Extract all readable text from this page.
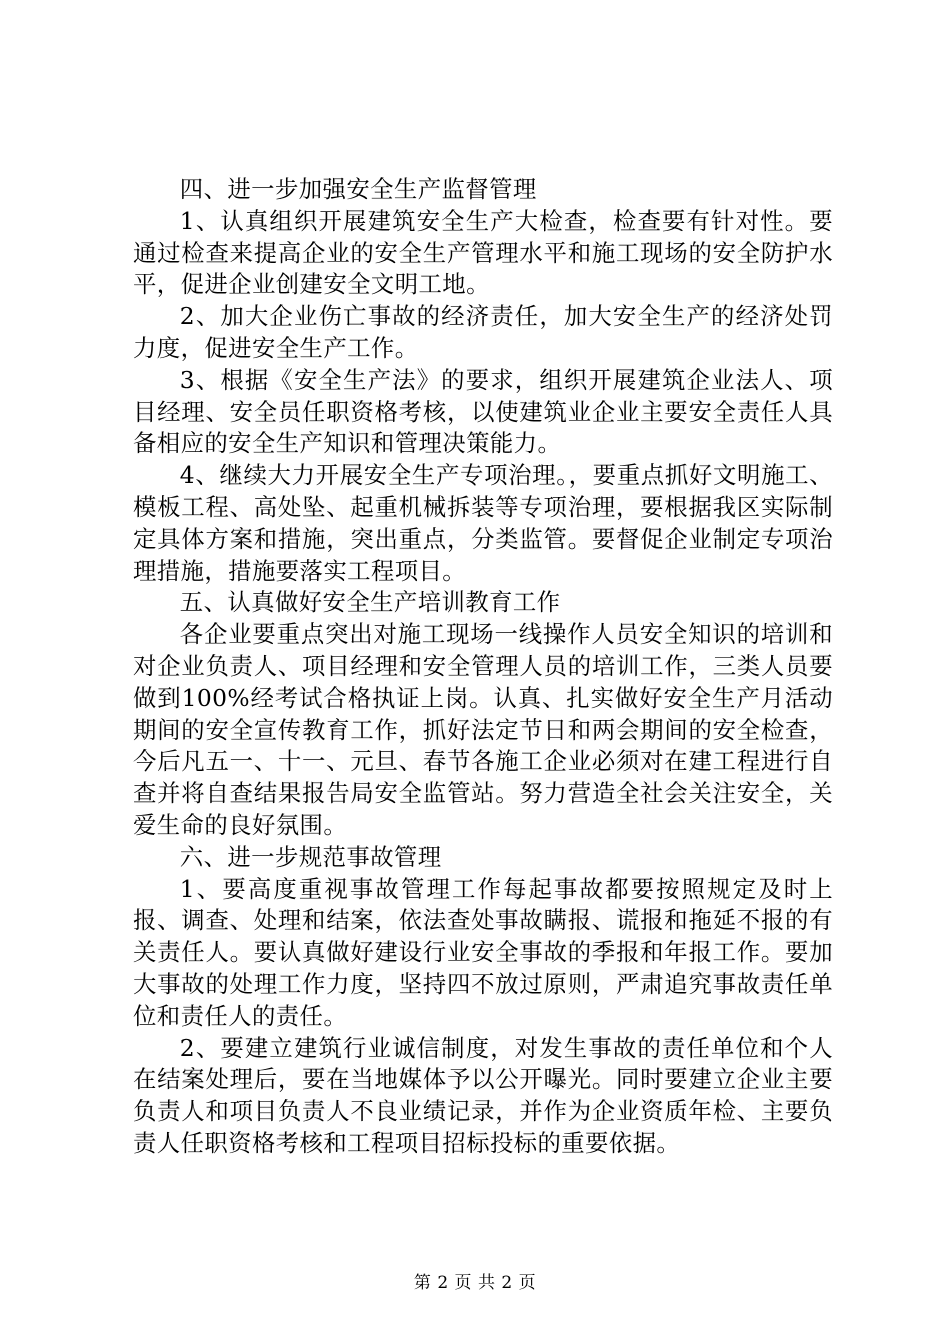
四、进一步加强安全生产监督管理

1、认真组织开展建筑安全生产大检查，检查要有针对性。要通过检查来提高企业的安全生产管理水平和施工现场的安全防护水平，促进企业创建安全文明工地。

2、加大企业伤亡事故的经济责任，加大安全生产的经济处罚力度，促进安全生产工作。

3、根据《安全生产法》的要求，组织开展建筑企业法人、项目经理、安全员任职资格考核，以使建筑业企业主要安全责任人具备相应的安全生产知识和管理决策能力。

4、继续大力开展安全生产专项治理。，要重点抓好文明施工、模板工程、高处坠、起重机械拆装等专项治理，要根据我区实际制定具体方案和措施，突出重点，分类监管。要督促企业制定专项治理措施，措施要落实工程项目。

五、认真做好安全生产培训教育工作

各企业要重点突出对施工现场一线操作人员安全知识的培训和对企业负责人、项目经理和安全管理人员的培训工作，三类人员要做到100%经考试合格执证上岗。认真、扎实做好安全生产月活动期间的安全宣传教育工作，抓好法定节日和两会期间的安全检查，今后凡五一、十一、元旦、春节各施工企业必须对在建工程进行自查并将自查结果报告局安全监管站。努力营造全社会关注安全，关爱生命的良好氛围。

六、进一步规范事故管理

1、要高度重视事故管理工作每起事故都要按照规定及时上报、调查、处理和结案，依法查处事故瞒报、谎报和拖延不报的有关责任人。要认真做好建设行业安全事故的季报和年报工作。要加大事故的处理工作力度，坚持四不放过原则，严肃追究事故责任单位和责任人的责任。

2、要建立建筑行业诚信制度，对发生事故的责任单位和个人在结案处理后，要在当地媒体予以公开曝光。同时要建立企业主要负责人和项目负责人不良业绩记录，并作为企业资质年检、主要负责人任职资格考核和工程项目招标投标的重要依据。

第 2 页 共 2 页
